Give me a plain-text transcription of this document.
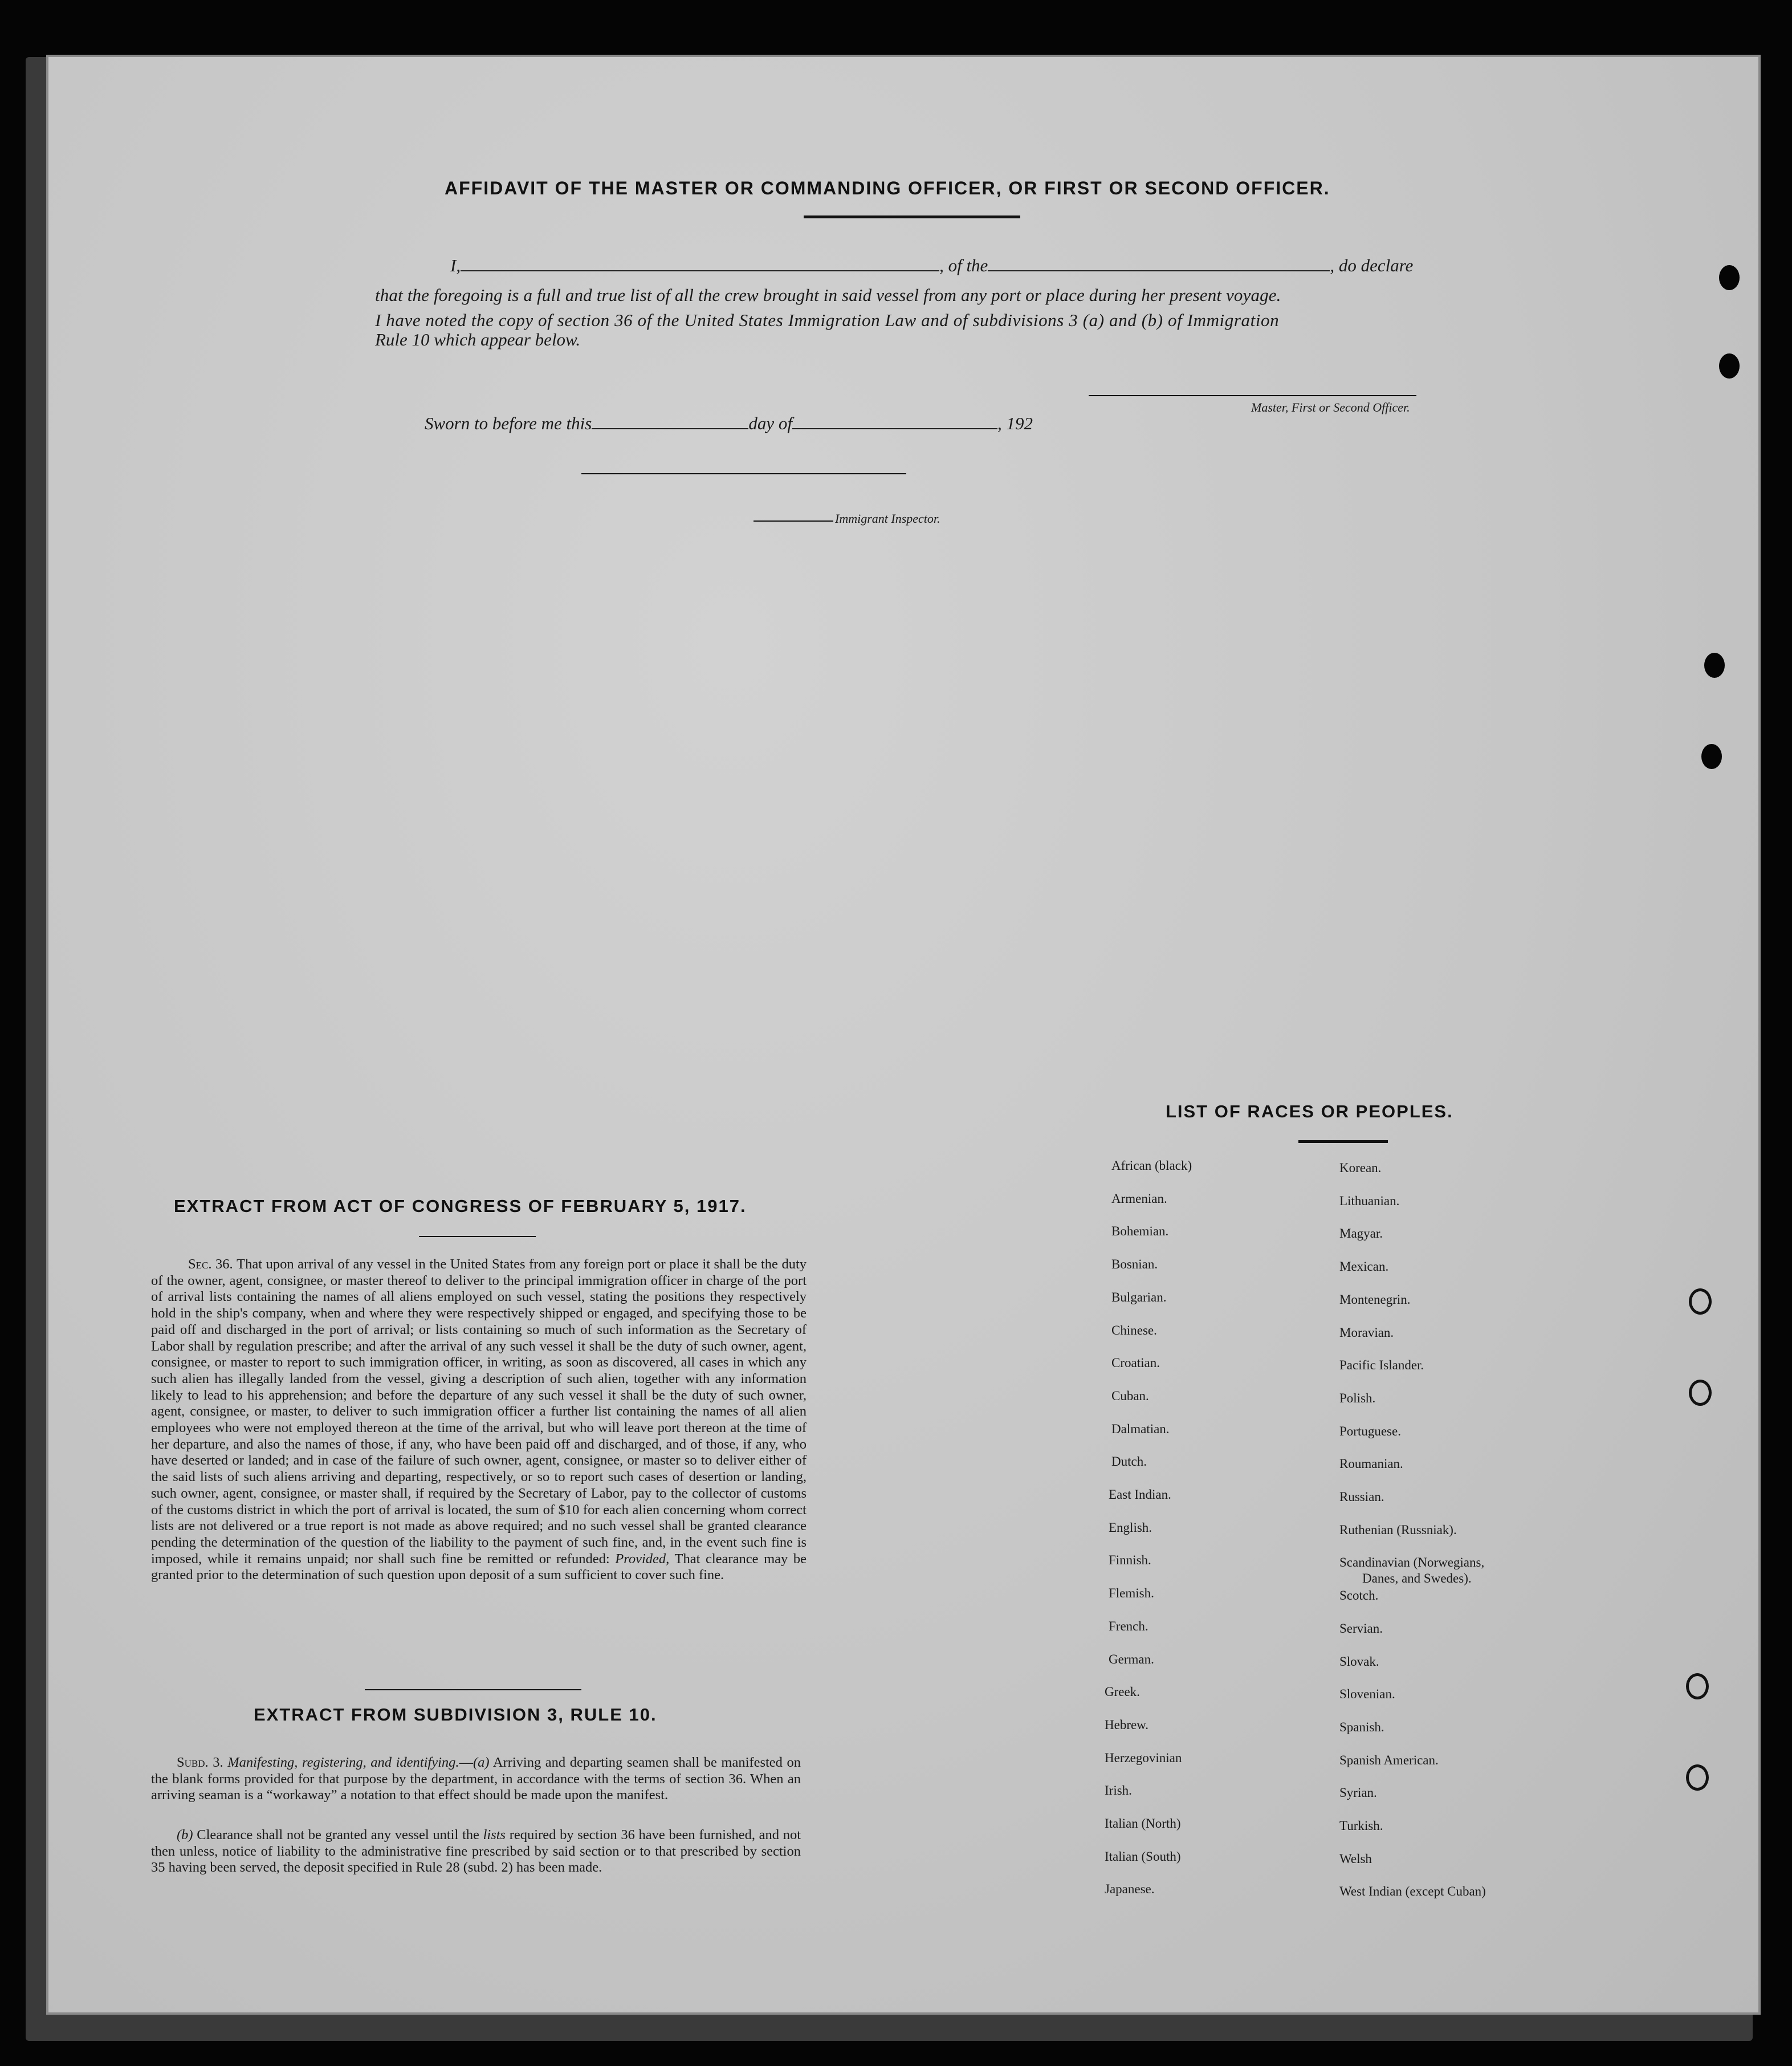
AFFIDAVIT OF THE MASTER OR COMMANDING OFFICER, OR FIRST OR SECOND OFFICER.
I,	, of the	, do declare
that the foregoing is a full and true list of all the crew brought in said vessel from any port or place during her present voyage.
I have noted the copy of section 36 of the United States Immigration Law and of subdivisions 3 (a) and (b) of Immigration
Rule 10 which appear below.
Master, First or Second Officer.
Sworn to before me this	day of	, 192
Immigrant Inspector.
EXTRACT FROM ACT OF CONGRESS OF FEBRUARY 5, 1917.
Sec. 36. That upon arrival of any vessel in the United States from any foreign port or place it shall be the duty of the owner, agent, consignee, or master thereof to deliver to the principal immigration officer in charge of the port of arrival lists containing the names of all aliens employed on such vessel, stating the positions they respectively hold in the ship's company, when and where they were respectively shipped or engaged, and specifying those to be paid off and discharged in the port of arrival; or lists containing so much of such information as the Secretary of Labor shall by regulation prescribe; and after the arrival of any such vessel it shall be the duty of such owner, agent, consignee, or master to report to such immigration officer, in writing, as soon as discovered, all cases in which any such alien has illegally landed from the vessel, giving a description of such alien, together with any information likely to lead to his apprehension; and before the departure of any such vessel it shall be the duty of such owner, agent, consignee, or master, to deliver to such immigration officer a further list containing the names of all alien employees who were not employed thereon at the time of the arrival, but who will leave port thereon at the time of her departure, and also the names of those, if any, who have been paid off and discharged, and of those, if any, who have deserted or landed; and in case of the failure of such owner, agent, consignee, or master so to deliver either of the said lists of such aliens arriving and departing, respectively, or so to report such cases of desertion or landing, such owner, agent, consignee, or master shall, if required by the Secretary of Labor, pay to the collector of customs of the customs district in which the port of arrival is located, the sum of $10 for each alien concerning whom correct lists are not delivered or a true report is not made as above required; and no such vessel shall be granted clearance pending the determination of the question of the liability to the payment of such fine, and, in the event such fine is imposed, while it remains unpaid; nor shall such fine be remitted or refunded: Provided, That clearance may be granted prior to the determination of such question upon deposit of a sum sufficient to cover such fine.
EXTRACT FROM SUBDIVISION 3, RULE 10.
Subd. 3. Manifesting, registering, and identifying.—(a) Arriving and departing seamen shall be manifested on the blank forms provided for that purpose by the department, in accordance with the terms of section 36. When an arriving seaman is a “workaway” a notation to that effect should be made upon the manifest.
(b) Clearance shall not be granted any vessel until the lists required by section 36 have been furnished, and not then unless, notice of liability to the administrative fine prescribed by said section or to that prescribed by section 35 having been served, the deposit specified in Rule 28 (subd. 2) has been made.
LIST OF RACES OR PEOPLES.
African (black)
Armenian.
Bohemian.
Bosnian.
Bulgarian.
Chinese.
Croatian.
Cuban.
Dalmatian.
Dutch.
East Indian.
English.
Finnish.
Flemish.
French.
German.
Greek.
Hebrew.
Herzegovinian
Irish.
Italian (North)
Italian (South)
Japanese.
Korean.
Lithuanian.
Magyar.
Mexican.
Montenegrin.
Moravian.
Pacific Islander.
Polish.
Portuguese.
Roumanian.
Russian.
Ruthenian (Russniak).
Scandinavian (Norwegians,
Danes, and Swedes).
Scotch.
Servian.
Slovak.
Slovenian.
Spanish.
Spanish American.
Syrian.
Turkish.
Welsh
West Indian (except Cuban)
